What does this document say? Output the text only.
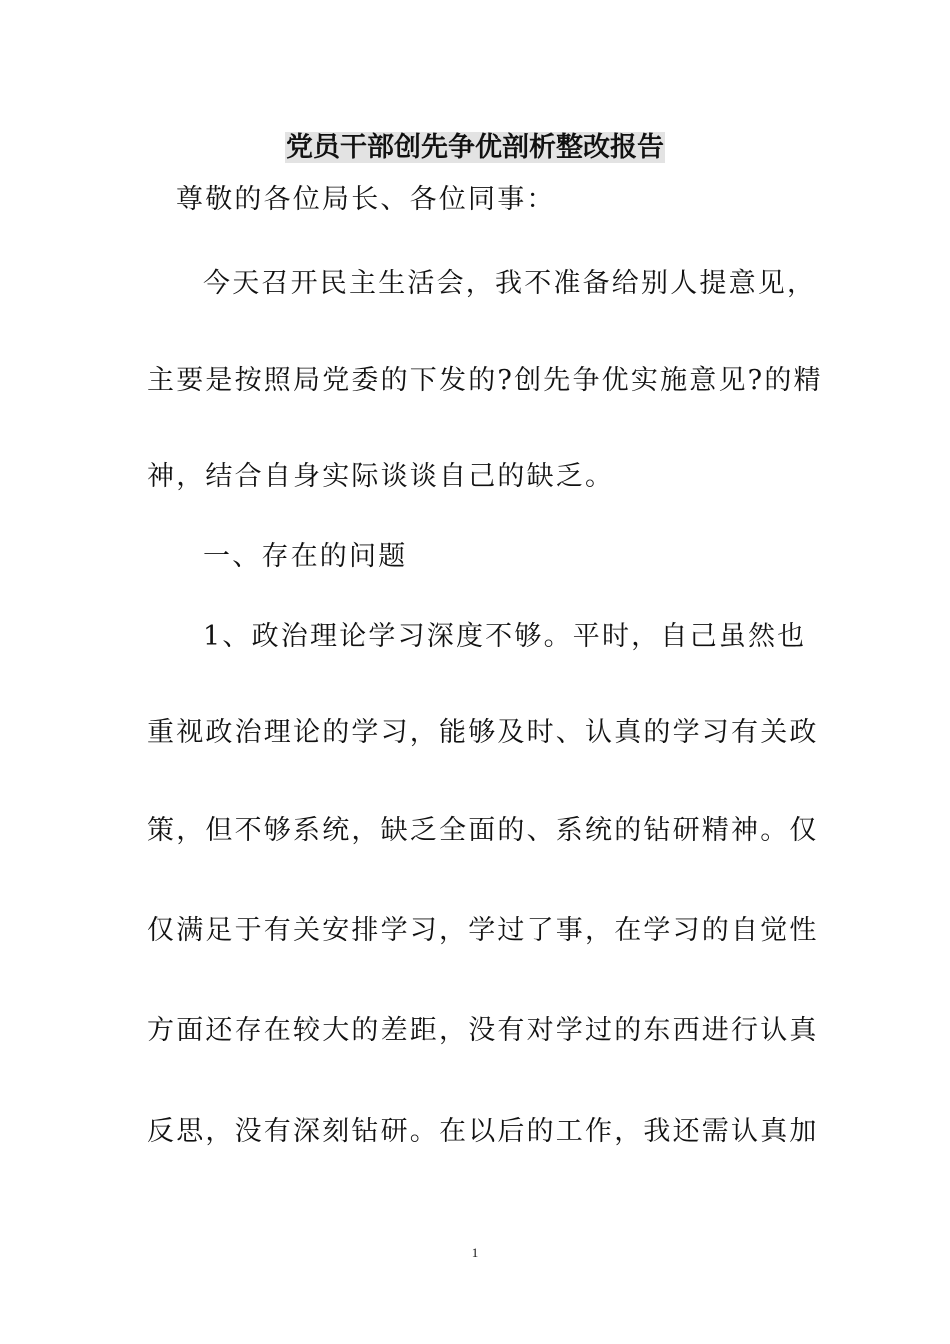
党员干部创先争优剖析整改报告
尊敬的各位局长、各位同事：
今天召开民主生活会，我不准备给别人提意见，
主要是按照局党委的下发的?创先争优实施意见?的精
神，结合自身实际谈谈自己的缺乏。
一、存在的问题
1、政治理论学习深度不够。平时，自己虽然也
重视政治理论的学习，能够及时、认真的学习有关政
策，但不够系统，缺乏全面的、系统的钻研精神。仅
仅满足于有关安排学习，学过了事，在学习的自觉性
方面还存在较大的差距，没有对学过的东西进行认真
反思，没有深刻钻研。在以后的工作，我还需认真加
1
